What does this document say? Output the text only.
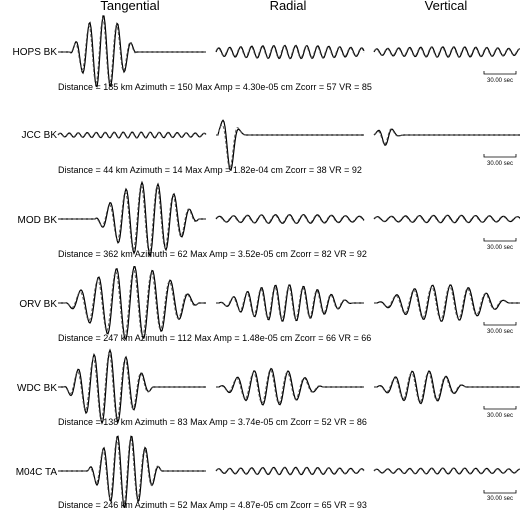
Tangential	Radial	Vertical
HOPS BK
JCC BK
MOD BK
ORV BK
WDC BK
M04C TA
Distance = 185 km Azimuth = 150 Max Amp = 4.30e-05 cm Zcorr = 57 VR = 85
Distance = 44 km Azimuth = 14 Max Amp = 1.82e-04 cm Zcorr = 38 VR = 92
Distance = 362 km Azimuth = 62 Max Amp = 3.52e-05 cm Zcorr = 82 VR = 92
Distance = 247 km Azimuth = 112 Max Amp = 1.48e-05 cm Zcorr = 66 VR = 66
Distance = 138 km Azimuth = 83 Max Amp = 3.74e-05 cm Zcorr = 52 VR = 86
Distance = 246 km Azimuth = 52 Max Amp = 4.87e-05 cm Zcorr = 65 VR = 93
30.00 sec
30.00 sec
30.00 sec
30.00 sec
30.00 sec
30.00 sec
